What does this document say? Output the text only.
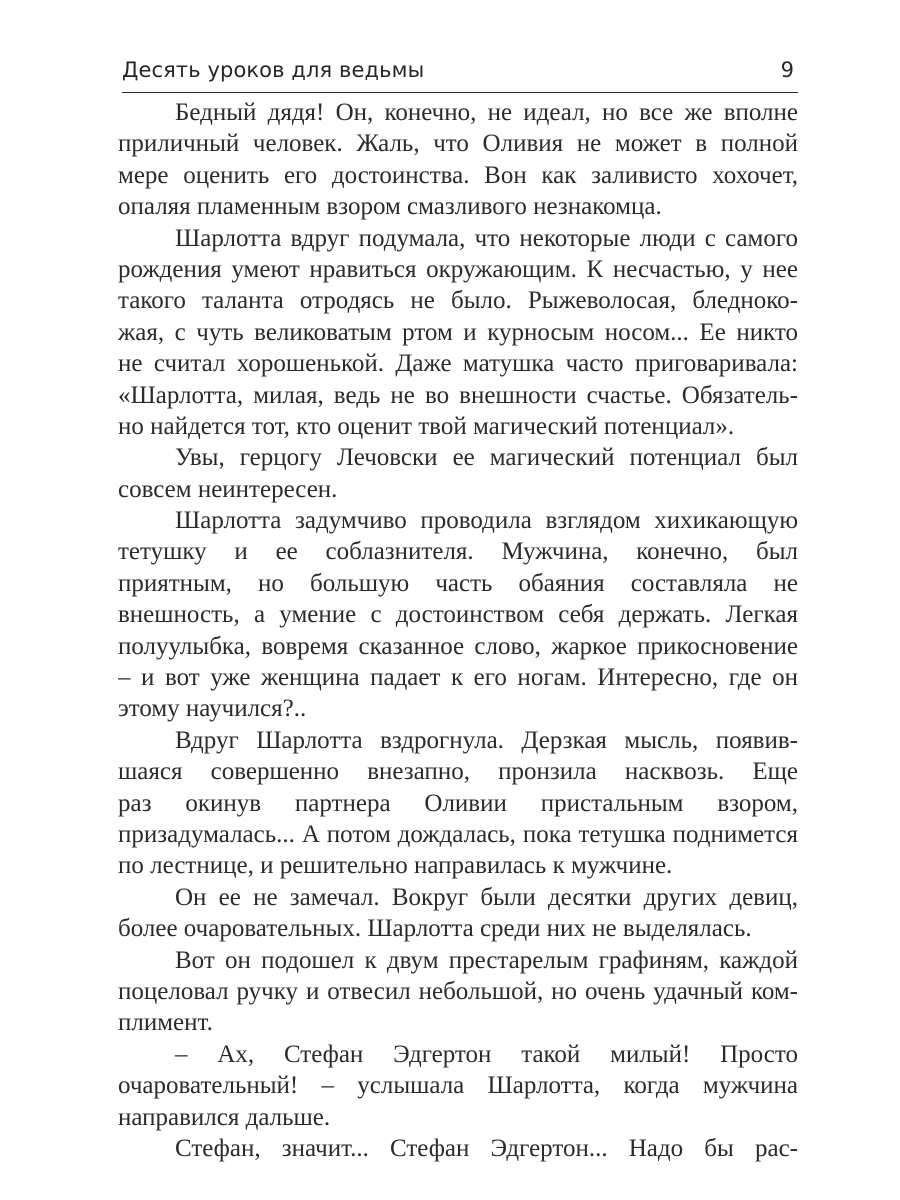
Десять уроков для ведьмы	9
Бедный дядя! Он, конечно, не идеал, но все же вполне
приличный человек. Жаль, что Оливия не может в полной
мере оценить его достоинства. Вон как заливисто хохочет,
опаляя пламенным взором смазливого незнакомца.
Шарлотта вдруг подумала, что некоторые люди с самого
рождения умеют нравиться окружающим. К несчастью, у нее
такого таланта отродясь не было. Рыжеволосая, бледноко-
жая, с чуть великоватым ртом и курносым носом... Ее никто
не считал хорошенькой. Даже матушка часто приговаривала:
«Шарлотта, милая, ведь не во внешности счастье. Обязатель-
но найдется тот, кто оценит твой магический потенциал».
Увы, герцогу Лечовски ее магический потенциал был
совсем неинтересен.
Шарлотта задумчиво проводила взглядом хихикающую
тетушку и ее соблазнителя. Мужчина, конечно, был
приятным, но большую часть обаяния составляла не
внешность, а умение с достоинством себя держать. Легкая
полуулыбка, вовремя сказанное слово, жаркое прикосновение
– и вот уже женщина падает к его ногам. Интересно, где он
этому научился?..
Вдруг Шарлотта вздрогнула. Дерзкая мысль, появив-
шаяся совершенно внезапно, пронзила насквозь. Еще
раз окинув партнера Оливии пристальным взором,
призадумалась... А потом дождалась, пока тетушка поднимется
по лестнице, и решительно направилась к мужчине.
Он ее не замечал. Вокруг были десятки других девиц,
более очаровательных. Шарлотта среди них не выделялась.
Вот он подошел к двум престарелым графиням, каждой
поцеловал ручку и отвесил небольшой, но очень удачный ком-
плимент.
– Ах, Стефан Эдгертон такой милый! Просто
очаровательный! – услышала Шарлотта, когда мужчина
направился дальше.
Стефан, значит... Стефан Эдгертон... Надо бы рас-
